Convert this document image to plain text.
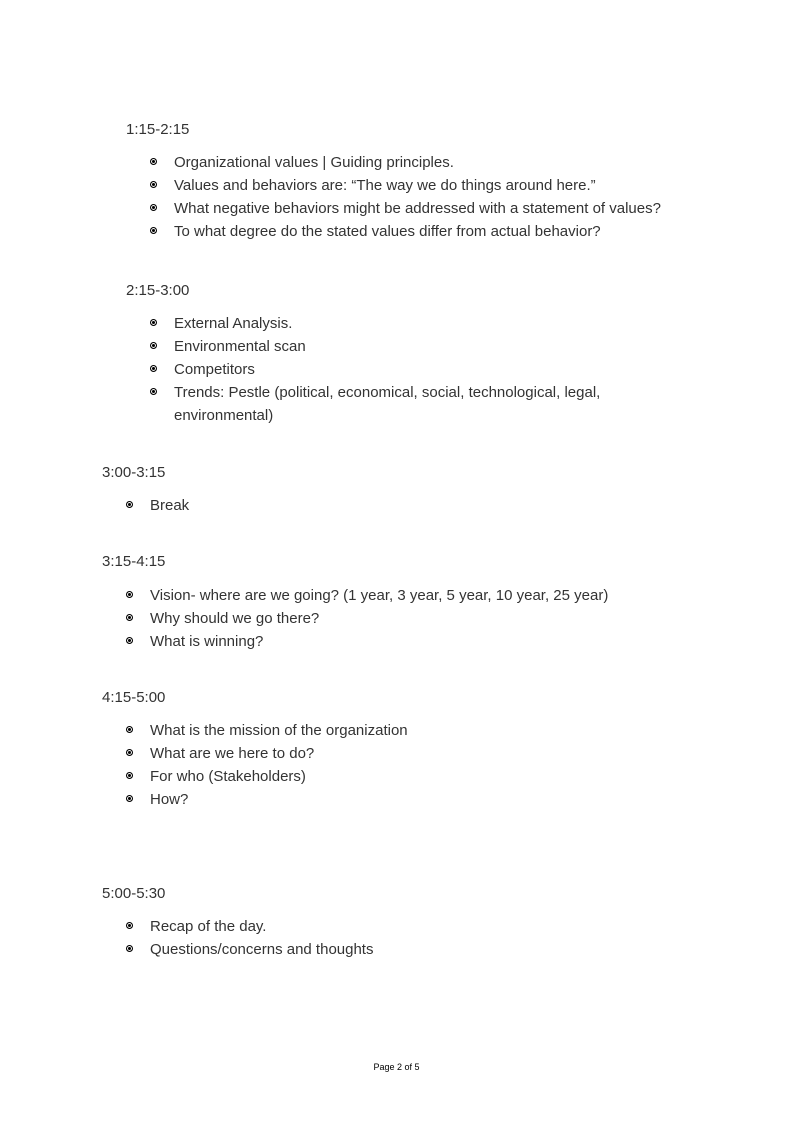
1:15-2:15
Organizational values | Guiding principles.
Values and behaviors are: “The way we do things around here.”
What negative behaviors might be addressed with a statement of values?
To what degree do the stated values differ from actual behavior?
2:15-3:00
External Analysis.
Environmental scan
Competitors
Trends: Pestle (political, economical, social, technological, legal, environmental)
3:00-3:15
Break
3:15-4:15
Vision- where are we going? (1 year, 3 year, 5 year, 10 year, 25 year)
Why should we go there?
What is winning?
4:15-5:00
What is the mission of the organization
What are we here to do?
For who (Stakeholders)
How?
5:00-5:30
Recap of the day.
Questions/concerns and thoughts
Page 2 of 5
